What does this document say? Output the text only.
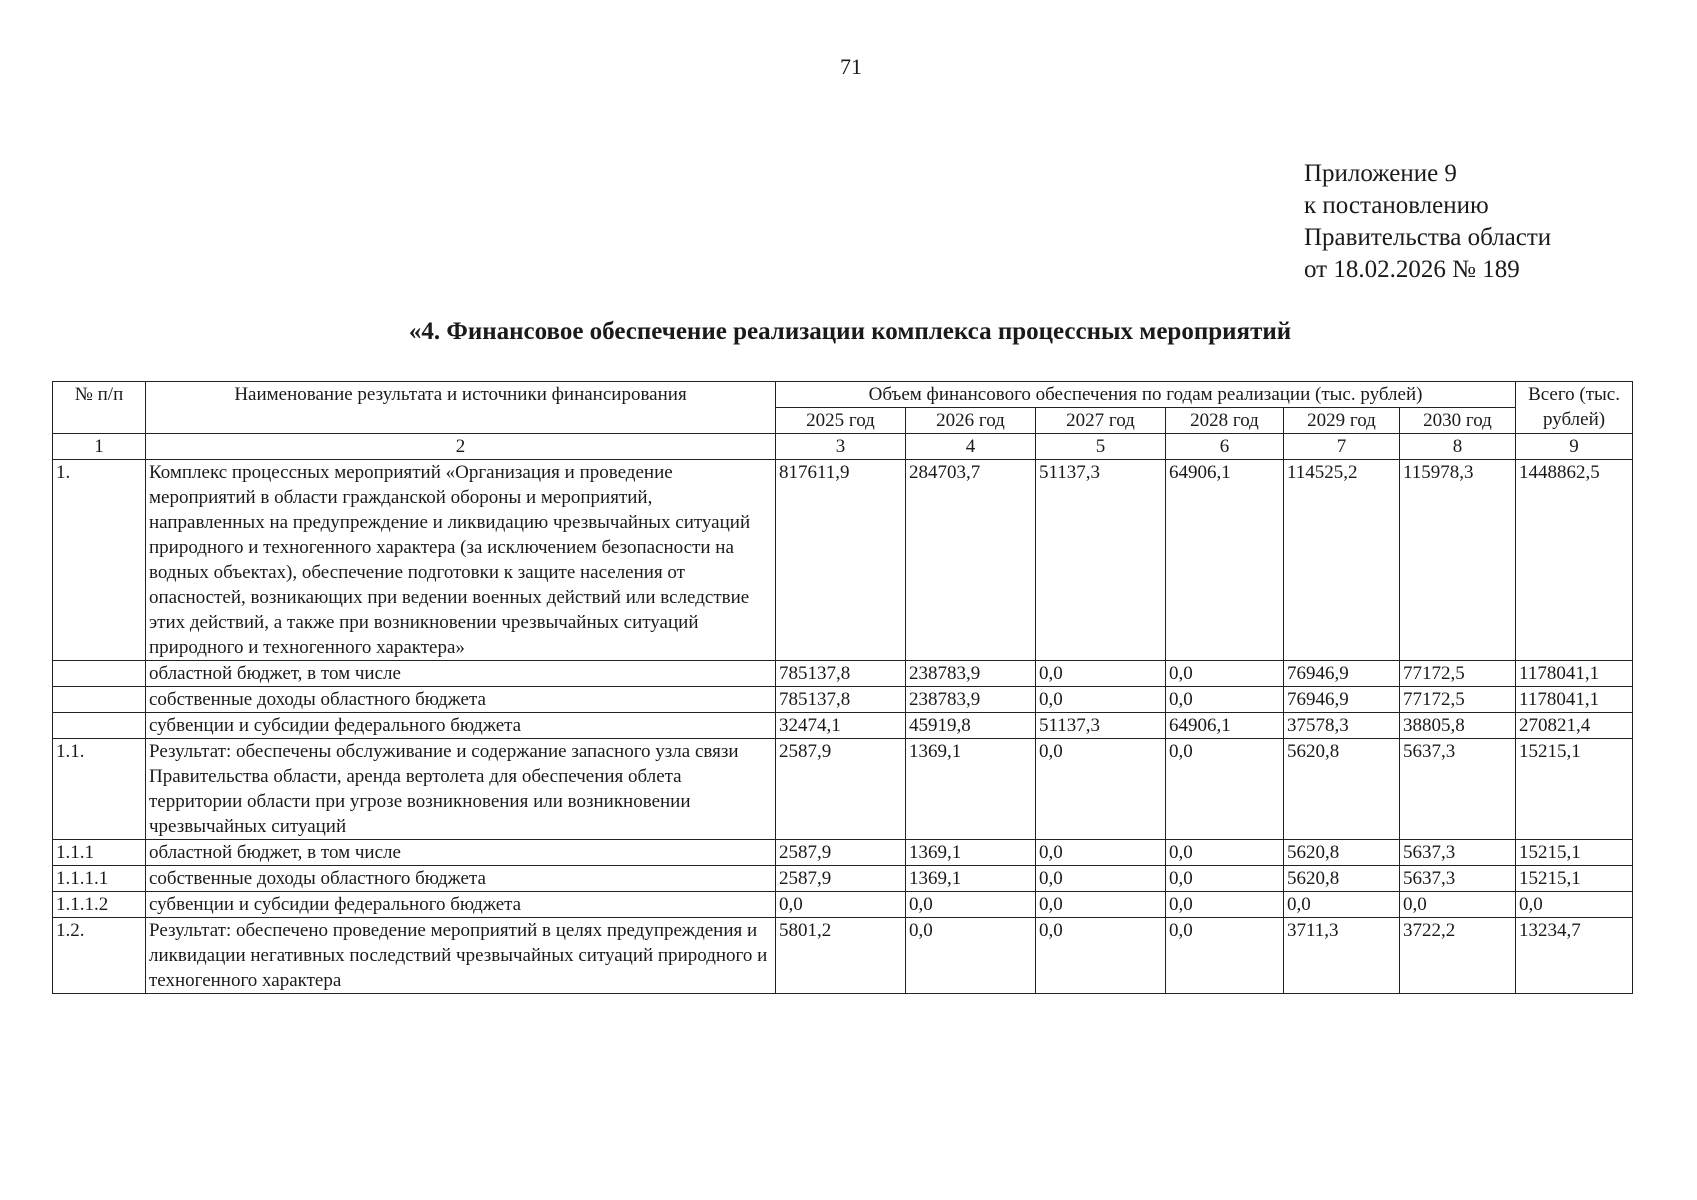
71
Приложение 9
к постановлению
Правительства области
от 18.02.2026 № 189
«4. Финансовое обеспечение реализации комплекса процессных мероприятий
№ п/п	Наименование результата и источники финансирования	Объем финансового обеспечения по годам реализации (тыс. рублей)						Всего (тыс. рублей)
		2025 год	2026 год	2027 год	2028 год	2029 год	2030 год	
1	2	3	4	5	6	7	8	9
1.	Комплекс процессных мероприятий «Организация и проведение мероприятий в области гражданской обороны и мероприятий, направленных на предупреждение и ликвидацию чрезвычайных ситуаций природного и техногенного характера (за исключением безопасности на водных объектах), обеспечение подготовки к защите населения от опасностей, возникающих при ведении военных действий или вследствие этих действий, а также при возникновении чрезвычайных ситуаций природного и техногенного характера»	817611,9	284703,7	51137,3	64906,1	114525,2	115978,3	1448862,5
	областной бюджет, в том числе	785137,8	238783,9	0,0	0,0	76946,9	77172,5	1178041,1
	собственные доходы областного бюджета	785137,8	238783,9	0,0	0,0	76946,9	77172,5	1178041,1
	субвенции и субсидии федерального бюджета	32474,1	45919,8	51137,3	64906,1	37578,3	38805,8	270821,4
1.1.	Результат: обеспечены обслуживание и содержание запасного узла связи Правительства области, аренда вертолета для обеспечения облета территории области при угрозе возникновения или возникновении чрезвычайных ситуаций	2587,9	1369,1	0,0	0,0	5620,8	5637,3	15215,1
1.1.1	областной бюджет, в том числе	2587,9	1369,1	0,0	0,0	5620,8	5637,3	15215,1
1.1.1.1	собственные доходы областного бюджета	2587,9	1369,1	0,0	0,0	5620,8	5637,3	15215,1
1.1.1.2	субвенции и субсидии федерального бюджета	0,0	0,0	0,0	0,0	0,0	0,0	0,0
1.2.	Результат: обеспечено проведение мероприятий в целях предупреждения и ликвидации негативных последствий чрезвычайных ситуаций природного и техногенного характера	5801,2	0,0	0,0	0,0	3711,3	3722,2	13234,7
